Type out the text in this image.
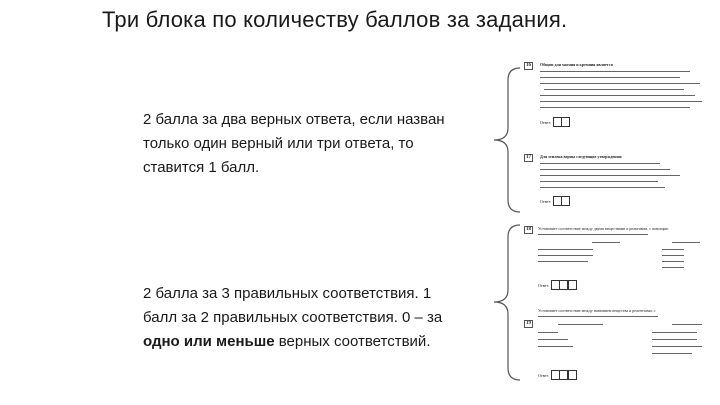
Три блока по количеству баллов за задания.
2 балла за два верных ответа, если назван
только один верный или три ответа, то
ставится 1 балл.
2 балла за 3 правильных соответствия. 1
балл за 2 правильных соответствия. 0 – за
одно или меньше верных соответствий.
16	Общим для магния и кремния является
Ответ:
17	Для этилена верны следующие утверждения:
Ответ:
18	Установите соответствие между двумя веществами и реактивом, с помощью
Ответ:
19
Установите соответствие между названием вещества и реагентами, с
Ответ:
